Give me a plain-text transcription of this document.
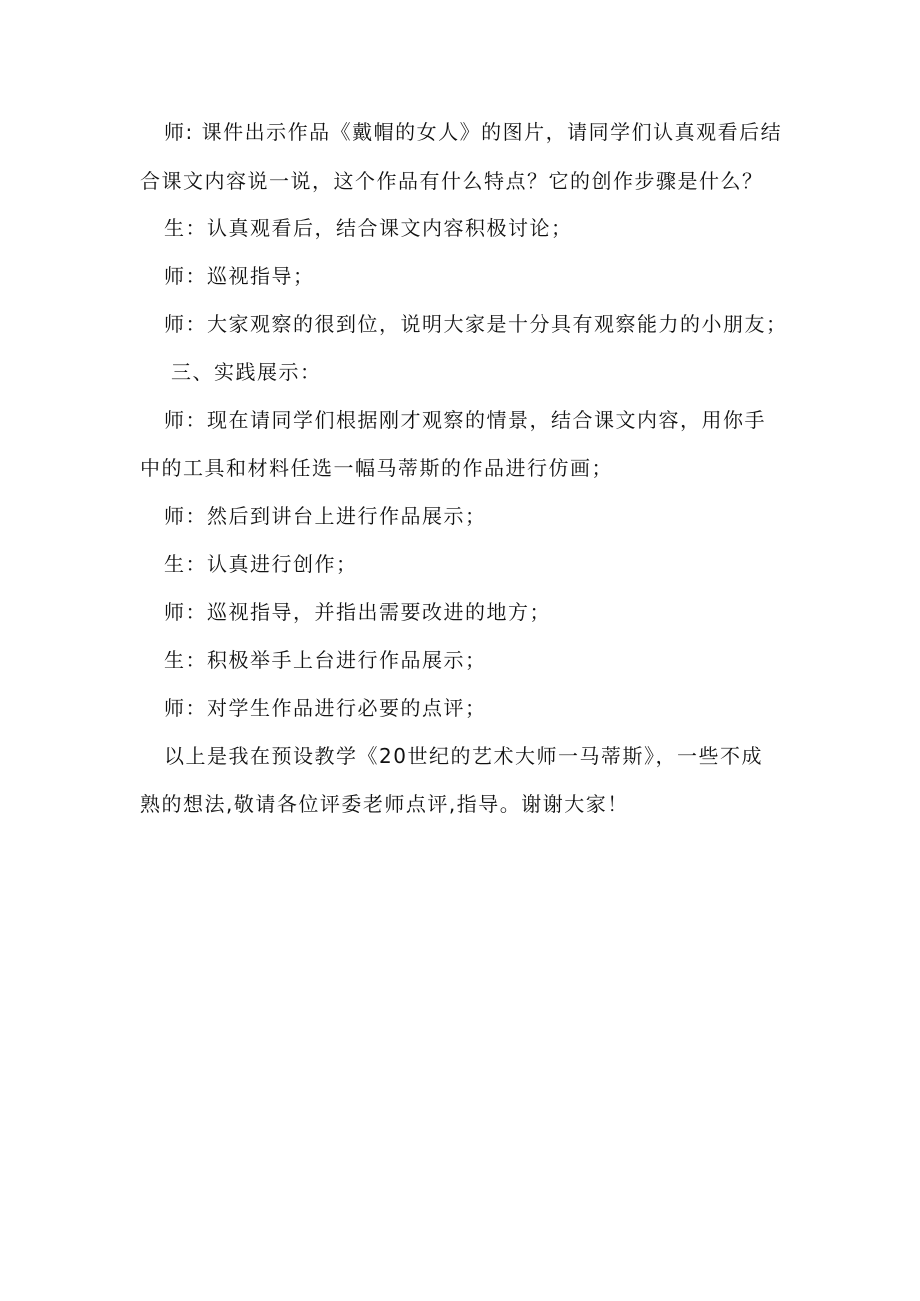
师: 课件出示作品《戴帽的女人》的图片，请同学们认真观看后结
合课文内容说一说，这个作品有什么特点？它的创作步骤是什么？
生：认真观看后，结合课文内容积极讨论；
师：巡视指导；
师：大家观察的很到位，说明大家是十分具有观察能力的小朋友；
三、实践展示：
师：现在请同学们根据刚才观察的情景，结合课文内容，用你手
中的工具和材料任选一幅马蒂斯的作品进行仿画；
师：然后到讲台上进行作品展示；
生：认真进行创作；
师：巡视指导，并指出需要改进的地方；
生：积极举手上台进行作品展示；
师：对学生作品进行必要的点评；
以上是我在预设教学《20世纪的艺术大师一马蒂斯》，一些不成
熟的想法,敬请各位评委老师点评,指导。谢谢大家！
